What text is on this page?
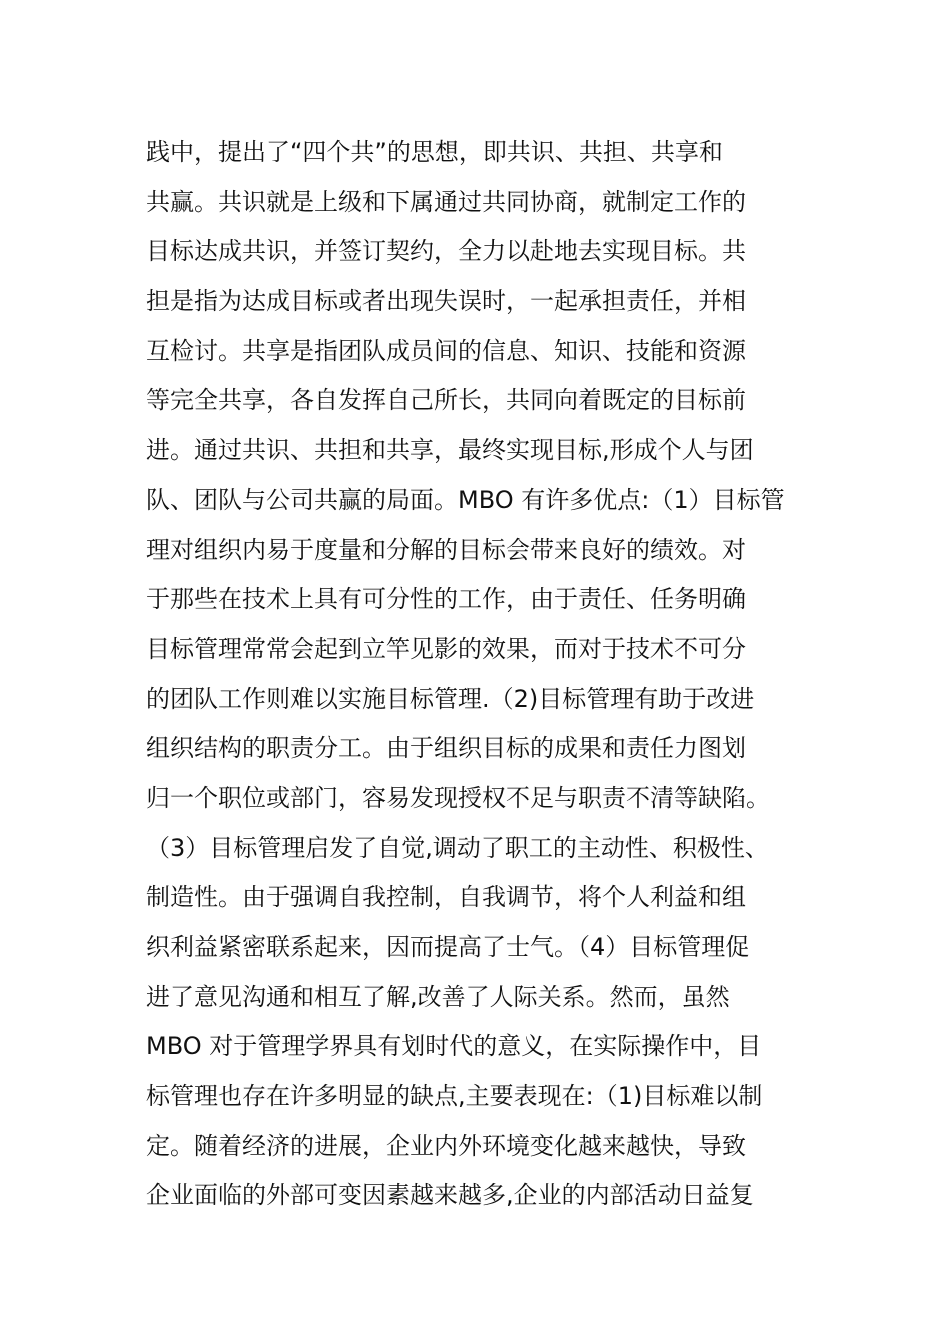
践中，提出了“四个共”的思想，即共识、共担、共享和
共赢。共识就是上级和下属通过共同协商，就制定工作的
目标达成共识，并签订契约，全力以赴地去实现目标。共
担是指为达成目标或者出现失误时，一起承担责任，并相
互检讨。共享是指团队成员间的信息、知识、技能和资源
等完全共享，各自发挥自己所长，共同向着既定的目标前
进。通过共识、共担和共享，最终实现目标,形成个人与团
队、团队与公司共赢的局面。MBO 有许多优点:（1）目标管
理对组织内易于度量和分解的目标会带来良好的绩效。对
于那些在技术上具有可分性的工作，由于责任、任务明确
目标管理常常会起到立竿见影的效果，而对于技术不可分
的团队工作则难以实施目标管理.（2)目标管理有助于改进
组织结构的职责分工。由于组织目标的成果和责任力图划
归一个职位或部门，容易发现授权不足与职责不清等缺陷。
（3）目标管理启发了自觉,调动了职工的主动性、积极性、
制造性。由于强调自我控制，自我调节，将个人利益和组
织利益紧密联系起来，因而提高了士气。（4）目标管理促
进了意见沟通和相互了解,改善了人际关系。然而，虽然
MBO 对于管理学界具有划时代的意义，在实际操作中，目
标管理也存在许多明显的缺点,主要表现在:（1)目标难以制
定。随着经济的进展，企业内外环境变化越来越快，导致
企业面临的外部可变因素越来越多,企业的内部活动日益复
